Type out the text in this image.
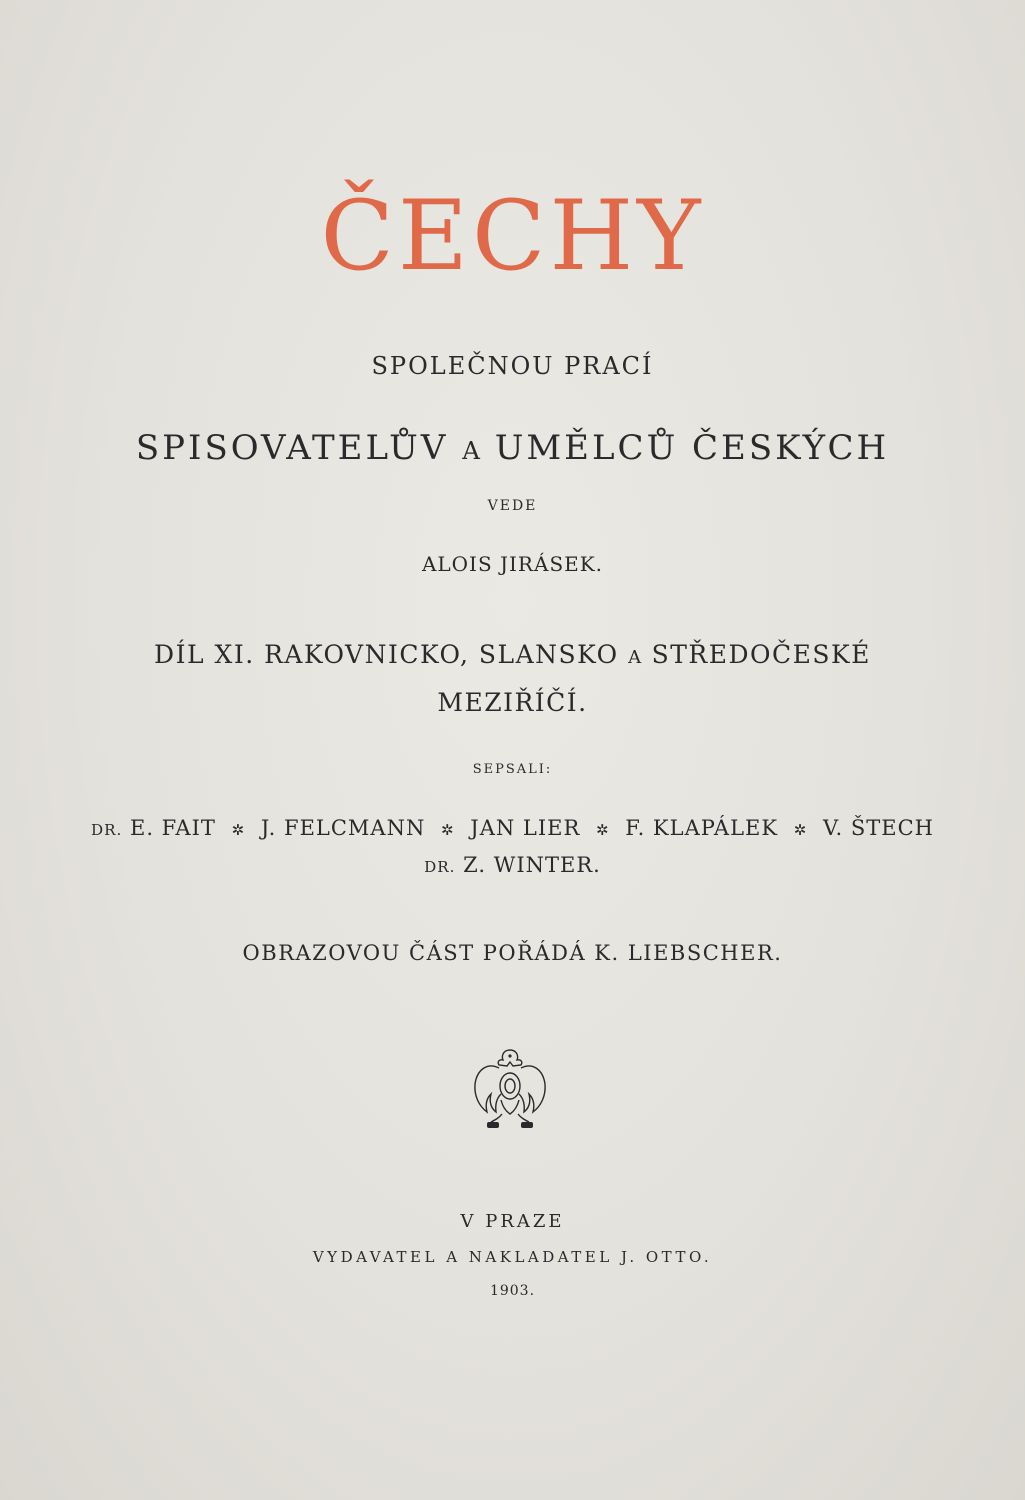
ČECHY
SPOLEČNOU PRACÍ
SPISOVATELŮV A UMĚLCŮ ČESKÝCH
VEDE
ALOIS JIRÁSEK.
DÍL XI. RAKOVNICKO, SLANSKO A STŘEDOČESKÉ
MEZIŘÍČÍ.
SEPSALI:
DR. E. FAIT ✲ J. FELCMANN ✲ JAN LIER ✲ F. KLAPÁLEK ✲ V. ŠTECH
DR. Z. WINTER.
OBRAZOVOU ČÁST POŘÁDÁ K. LIEBSCHER.
V PRAZE
VYDAVATEL A NAKLADATEL J. OTTO.
1903.
